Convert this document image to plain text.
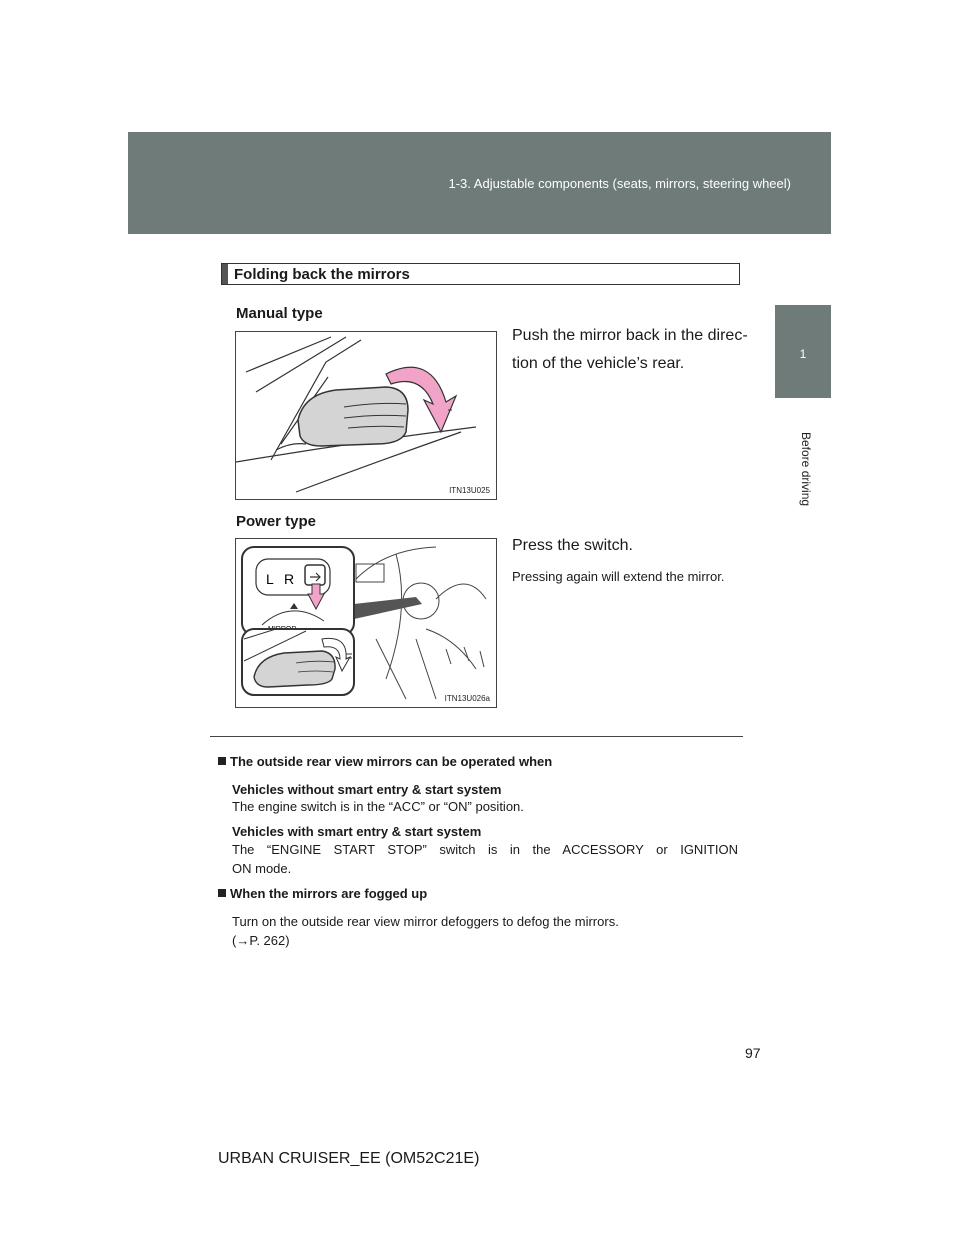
1-3. Adjustable components (seats, mirrors, steering wheel)
1
Before driving
Folding back the mirrors
Manual type
ITN13U025
Push the mirror back in the direc-
tion of the vehicle’s rear.
Power type
L R
ITN13U026a
Press the switch.
Pressing again will extend the mirror.
The outside rear view mirrors can be operated when
Vehicles without smart entry & start system
The engine switch is in the “ACC” or “ON” position.
Vehicles with smart entry & start system
The “ENGINE START STOP” switch is in the ACCESSORY or IGNITION
ON mode.
When the mirrors are fogged up
Turn on the outside rear view mirror defoggers to defog the mirrors.
(→P. 262)
97
URBAN CRUISER_EE (OM52C21E)
